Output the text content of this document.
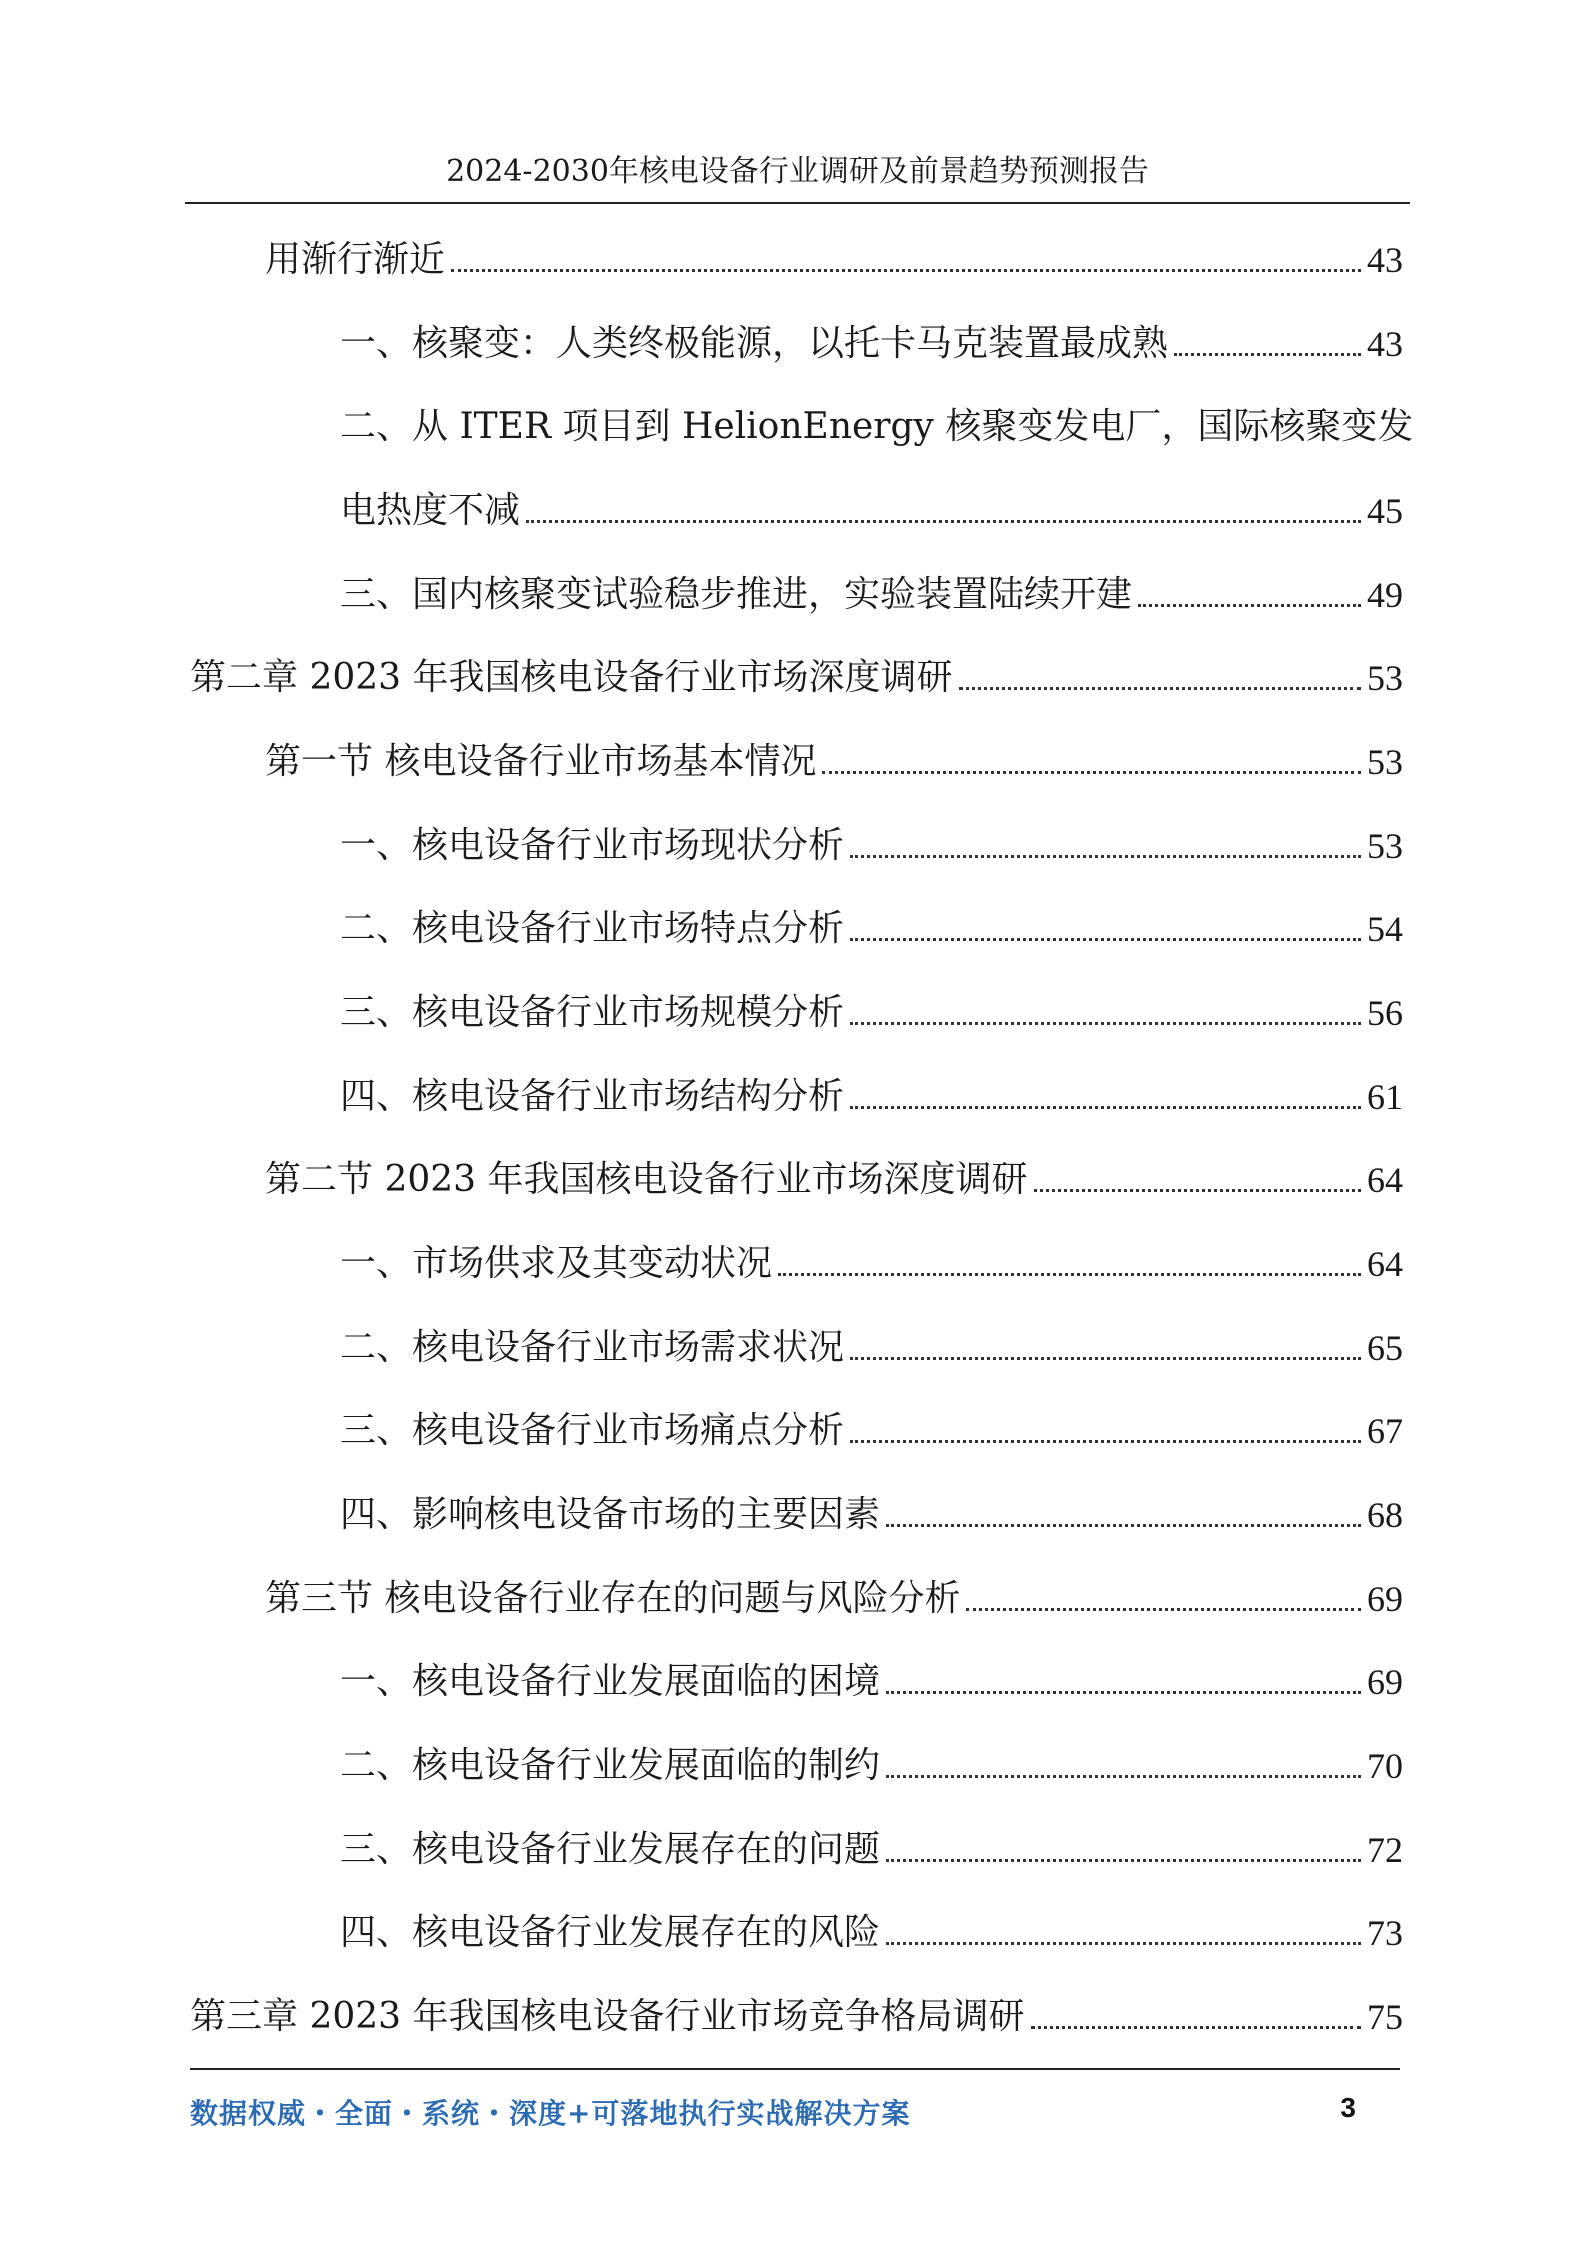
2024-2030年核电设备行业调研及前景趋势预测报告
用渐行渐近	43
一、核聚变：人类终极能源，以托卡马克装置最成熟	43
二、从 ITER 项目到 HelionEnergy 核聚变发电厂，国际核聚变发
电热度不减	45
三、国内核聚变试验稳步推进，实验装置陆续开建	49
第二章 2023 年我国核电设备行业市场深度调研	53
第一节 核电设备行业市场基本情况	53
一、核电设备行业市场现状分析	53
二、核电设备行业市场特点分析	54
三、核电设备行业市场规模分析	56
四、核电设备行业市场结构分析	61
第二节 2023 年我国核电设备行业市场深度调研	64
一、市场供求及其变动状况	64
二、核电设备行业市场需求状况	65
三、核电设备行业市场痛点分析	67
四、影响核电设备市场的主要因素	68
第三节 核电设备行业存在的问题与风险分析	69
一、核电设备行业发展面临的困境	69
二、核电设备行业发展面临的制约	70
三、核电设备行业发展存在的问题	72
四、核电设备行业发展存在的风险	73
第三章 2023 年我国核电设备行业市场竞争格局调研	75
数据权威・全面・系统・深度+可落地执行实战解决方案	3
